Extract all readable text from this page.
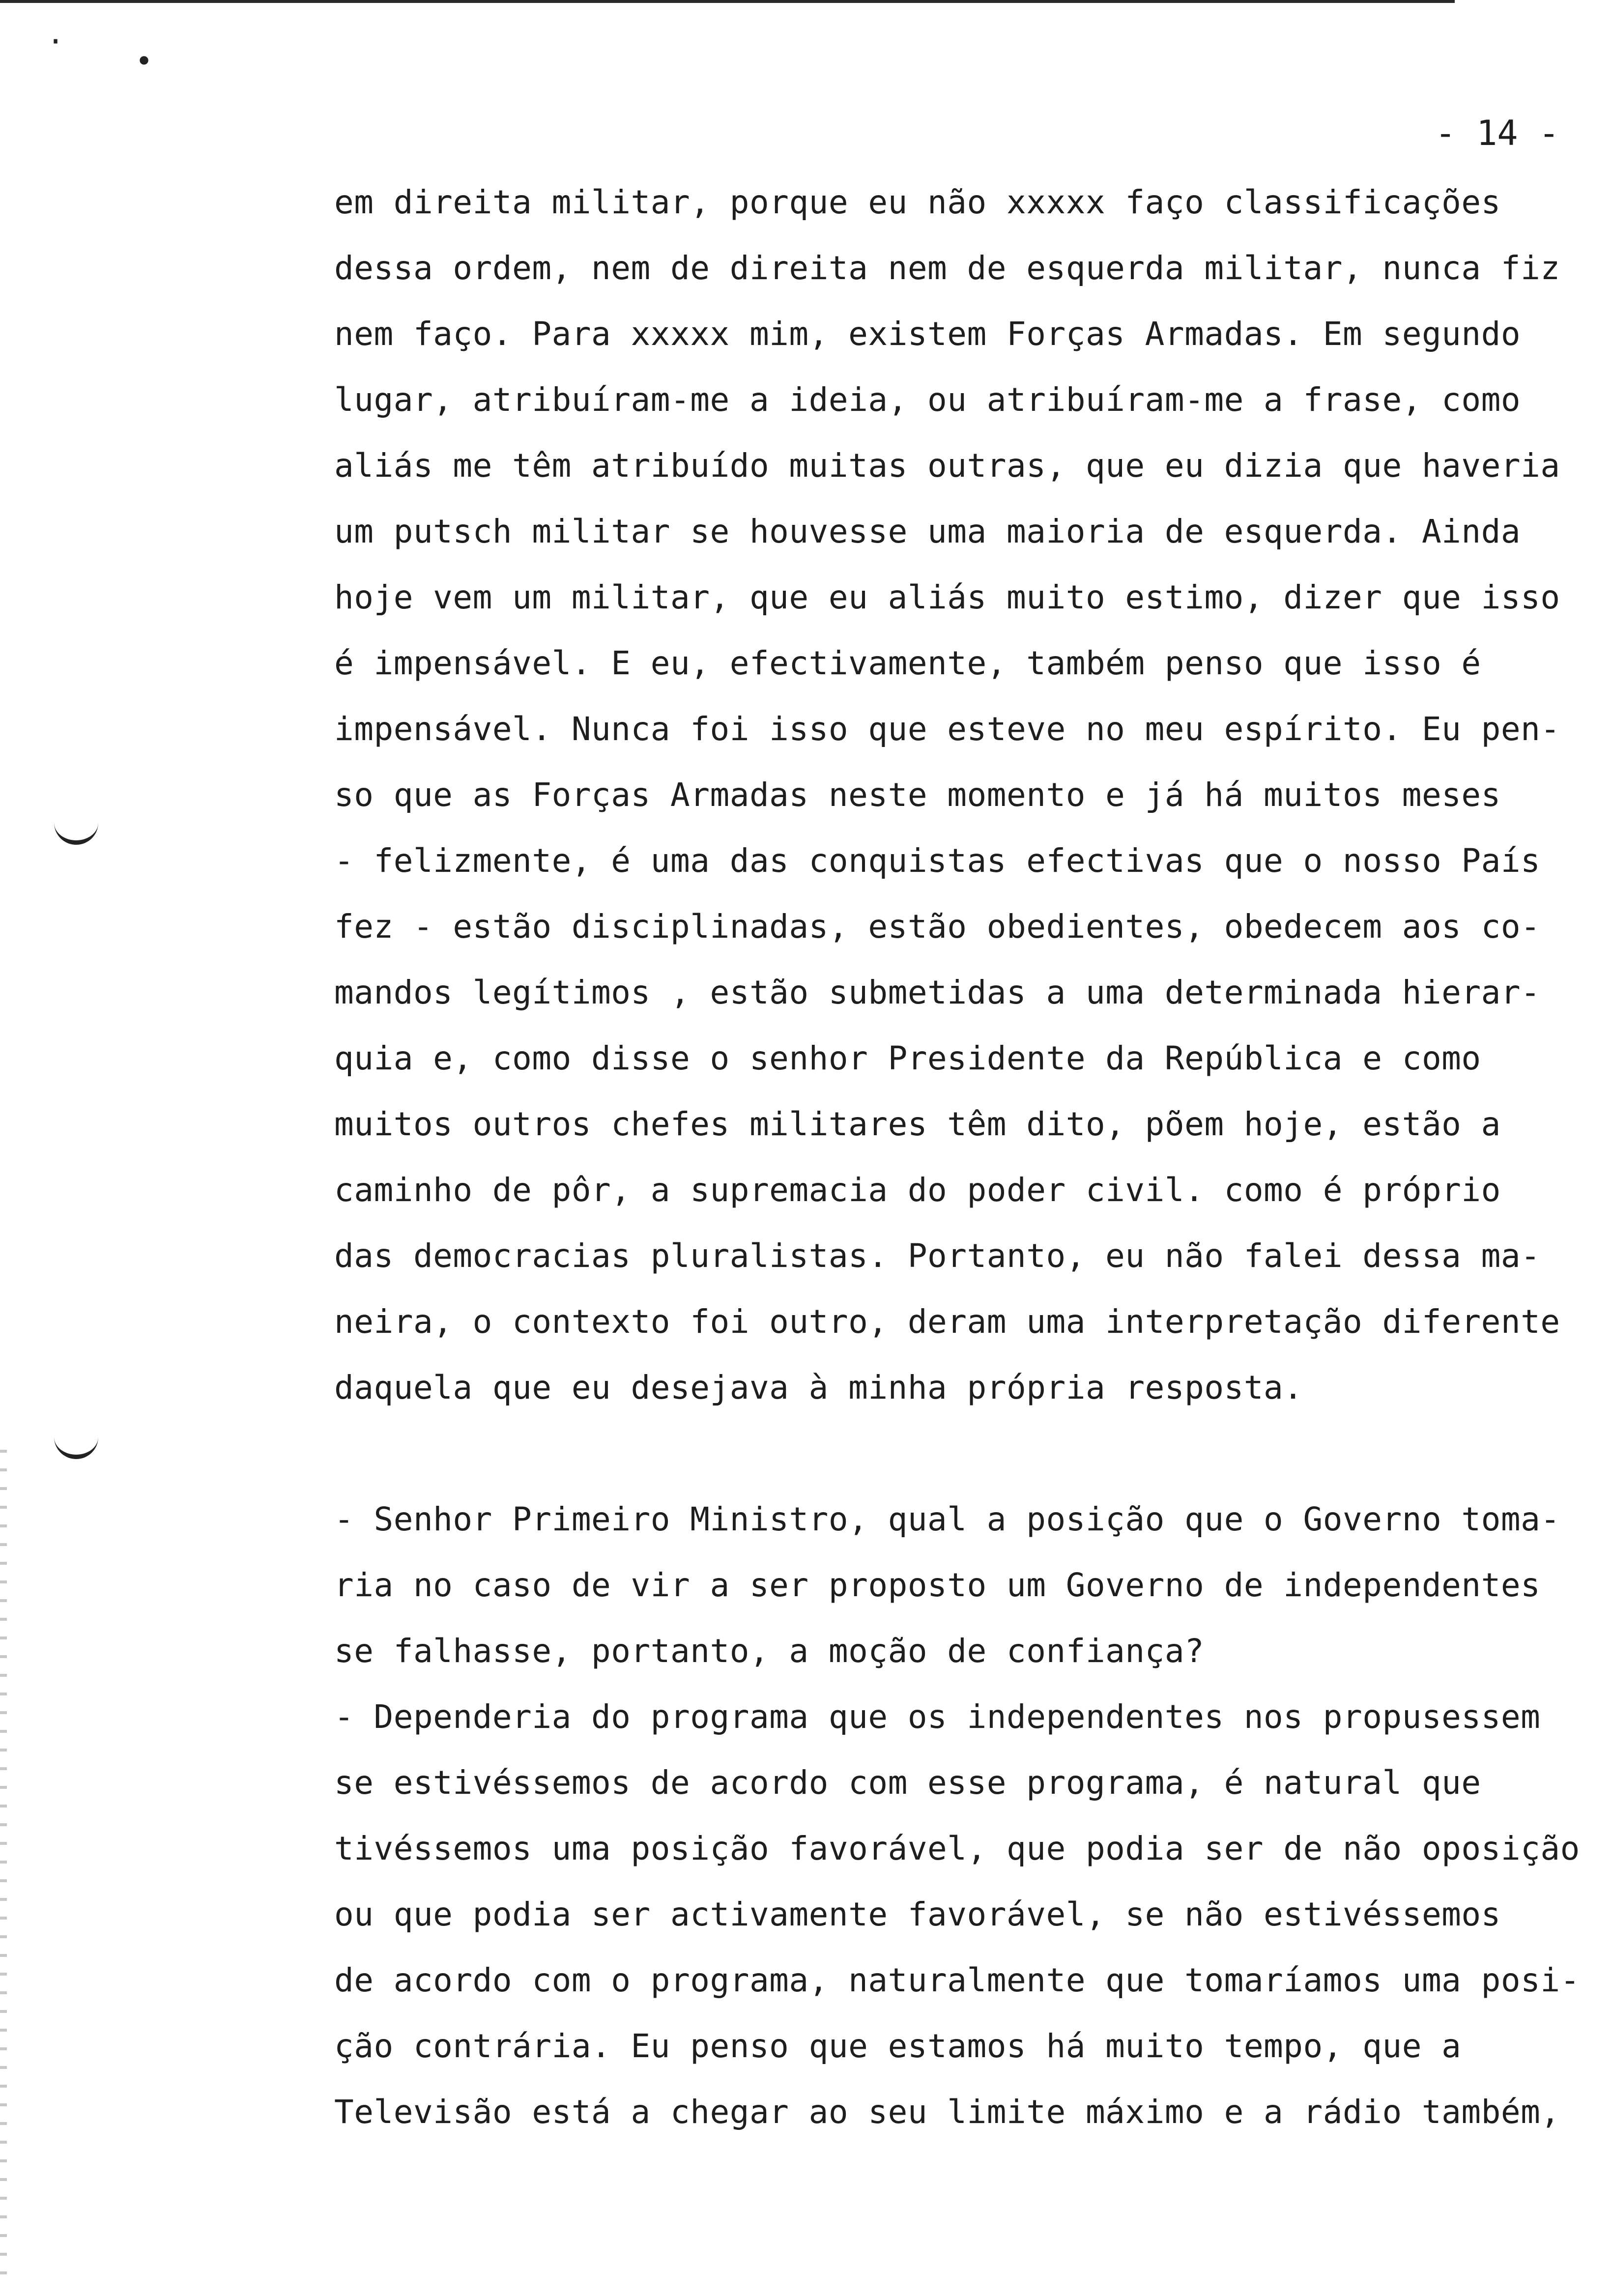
·
•
- 14 -
em direita militar, porque eu não xxxxx faço classificações
dessa ordem, nem de direita nem de esquerda militar, nunca fiz
nem faço. Para xxxxx mim, existem Forças Armadas. Em segundo
lugar, atribuíram-me a ideia, ou atribuíram-me a frase, como
aliás me têm atribuído muitas outras, que eu dizia que haveria
um putsch militar se houvesse uma maioria de esquerda. Ainda
hoje vem um militar, que eu aliás muito estimo, dizer que isso
é impensável. E eu, efectivamente, também penso que isso é
impensável. Nunca foi isso que esteve no meu espírito. Eu pen-
so que as Forças Armadas neste momento e já há muitos meses
- felizmente, é uma das conquistas efectivas que o nosso País
fez - estão disciplinadas, estão obedientes, obedecem aos co-
mandos legítimos , estão submetidas a uma determinada hierar-
quia e, como disse o senhor Presidente da República e como
muitos outros chefes militares têm dito, põem hoje, estão a
caminho de pôr, a supremacia do poder civil. como é próprio
das democracias pluralistas. Portanto, eu não falei dessa ma-
neira, o contexto foi outro, deram uma interpretação diferente
daquela que eu desejava à minha própria resposta.
- Senhor Primeiro Ministro, qual a posição que o Governo toma-
ria no caso de vir a ser proposto um Governo de independentes
se falhasse, portanto, a moção de confiança?
- Dependeria do programa que os independentes nos propusessem
se estivéssemos de acordo com esse programa, é natural que
tivéssemos uma posição favorável, que podia ser de não oposição
ou que podia ser activamente favorável, se não estivéssemos
de acordo com o programa, naturalmente que tomaríamos uma posi-
ção contrária. Eu penso que estamos há muito tempo, que a
Televisão está a chegar ao seu limite máximo e a rádio também,
